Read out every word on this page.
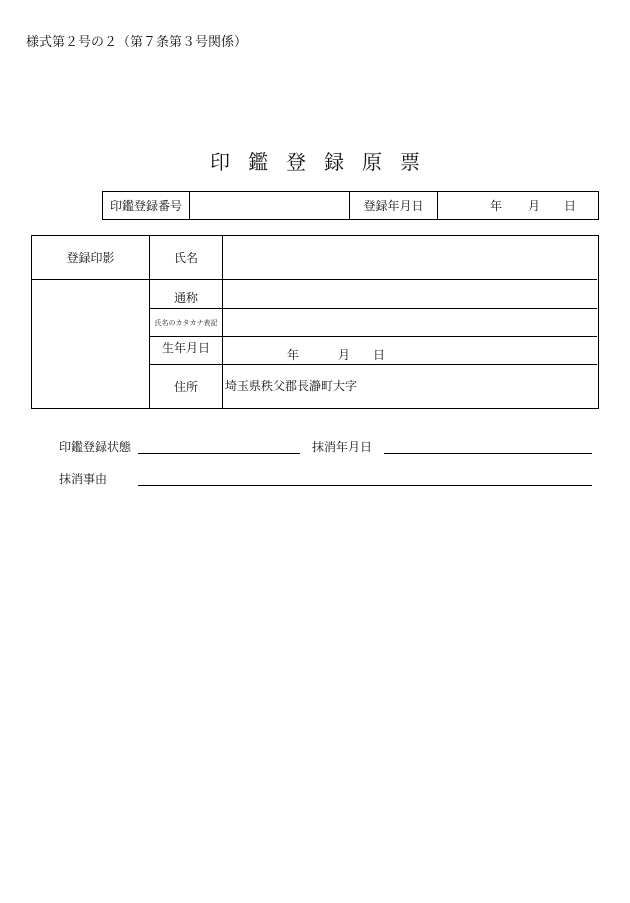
様式第２号の２（第７条第３号関係）
印鑑登録原票
印鑑登録番号	登録年月日	年 月 日
登録印影	氏名
通称
氏名のカタカナ表記
生年月日	年	月 日
住所	埼玉県秩父郡長瀞町大字
印鑑登録状態	抹消年月日
抹消事由
